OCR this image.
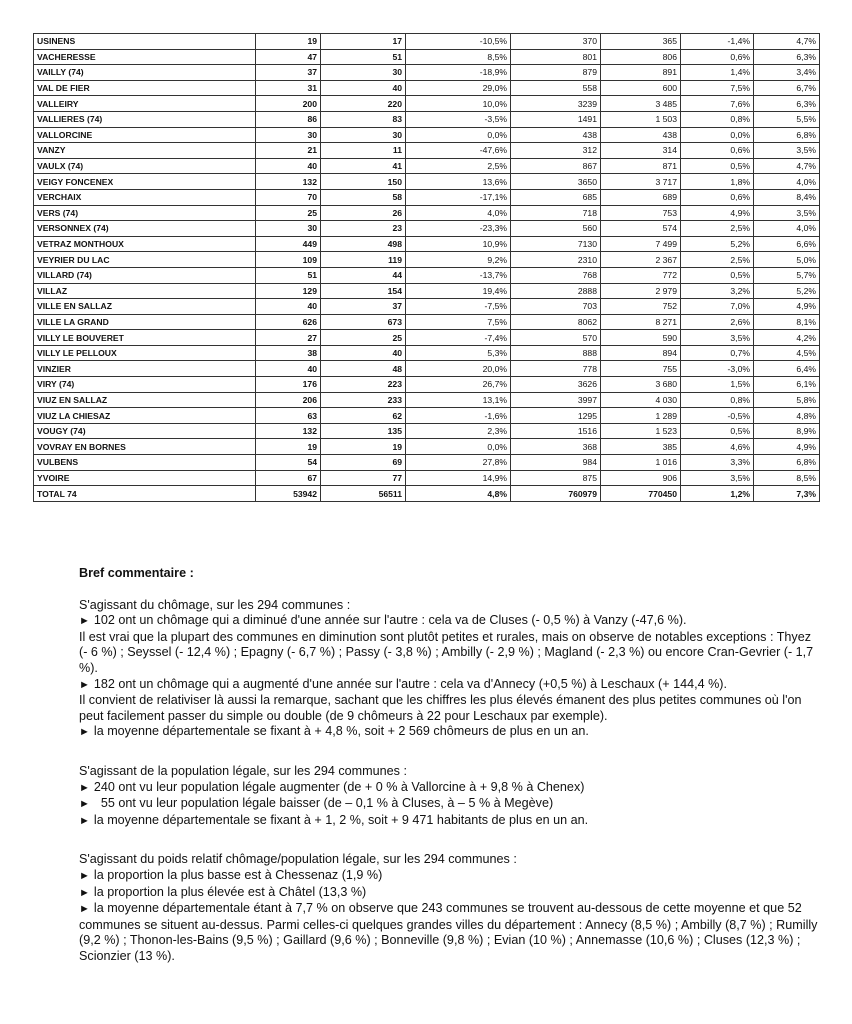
USINENS	19	17	-10,5%	370	365	-1,4%	4,7%
VACHERESSE	47	51	8,5%	801	806	0,6%	6,3%
VAILLY (74)	37	30	-18,9%	879	891	1,4%	3,4%
VAL DE FIER	31	40	29,0%	558	600	7,5%	6,7%
VALLEIRY	200	220	10,0%	3239	3 485	7,6%	6,3%
VALLIERES (74)	86	83	-3,5%	1491	1 503	0,8%	5,5%
VALLORCINE	30	30	0,0%	438	438	0,0%	6,8%
VANZY	21	11	-47,6%	312	314	0,6%	3,5%
VAULX (74)	40	41	2,5%	867	871	0,5%	4,7%
VEIGY FONCENEX	132	150	13,6%	3650	3 717	1,8%	4,0%
VERCHAIX	70	58	-17,1%	685	689	0,6%	8,4%
VERS (74)	25	26	4,0%	718	753	4,9%	3,5%
VERSONNEX (74)	30	23	-23,3%	560	574	2,5%	4,0%
VETRAZ MONTHOUX	449	498	10,9%	7130	7 499	5,2%	6,6%
VEYRIER DU LAC	109	119	9,2%	2310	2 367	2,5%	5,0%
VILLARD (74)	51	44	-13,7%	768	772	0,5%	5,7%
VILLAZ	129	154	19,4%	2888	2 979	3,2%	5,2%
VILLE EN SALLAZ	40	37	-7,5%	703	752	7,0%	4,9%
VILLE LA GRAND	626	673	7,5%	8062	8 271	2,6%	8,1%
VILLY LE BOUVERET	27	25	-7,4%	570	590	3,5%	4,2%
VILLY LE PELLOUX	38	40	5,3%	888	894	0,7%	4,5%
VINZIER	40	48	20,0%	778	755	-3,0%	6,4%
VIRY (74)	176	223	26,7%	3626	3 680	1,5%	6,1%
VIUZ EN SALLAZ	206	233	13,1%	3997	4 030	0,8%	5,8%
VIUZ LA CHIESAZ	63	62	-1,6%	1295	1 289	-0,5%	4,8%
VOUGY (74)	132	135	2,3%	1516	1 523	0,5%	8,9%
VOVRAY EN BORNES	19	19	0,0%	368	385	4,6%	4,9%
VULBENS	54	69	27,8%	984	1 016	3,3%	6,8%
YVOIRE	67	77	14,9%	875	906	3,5%	8,5%
TOTAL 74	53942	56511	4,8%	760979	770450	1,2%	7,3%
Bref commentaire :

S'agissant du chômage, sur les 294 communes :

► 102 ont un chômage qui a diminué d'une année sur l'autre : cela va de Cluses (- 0,5 %) à Vanzy (-47,6 %).

Il est vrai que la plupart des communes en diminution sont plutôt petites et rurales, mais on observe de notables exceptions : Thyez (- 6 %) ; Seyssel (- 12,4 %) ; Epagny (- 6,7 %) ; Passy (- 3,8 %) ; Ambilly (- 2,9 %) ; Magland (- 2,3 %) ou encore Cran-Gevrier (- 1,7 %).

► 182 ont un chômage qui a augmenté d'une année sur l'autre : cela va d'Annecy (+0,5 %) à Leschaux (+ 144,4 %).

Il convient de relativiser là aussi la remarque, sachant que les chiffres les plus élevés émanent des plus petites communes où l'on peut facilement passer du simple ou double (de 9 chômeurs à 22 pour Leschaux par exemple).

► la moyenne départementale se fixant à + 4,8 %, soit + 2 569 chômeurs de plus en un an.

S'agissant de la population légale, sur les 294 communes :

► 240 ont vu leur population légale augmenter (de + 0 % à Vallorcine à + 9,8 % à Chenex)

►  55 ont vu leur population légale baisser (de – 0,1 % à Cluses, à – 5 % à Megève)

► la moyenne départementale se fixant à + 1, 2 %, soit + 9 471 habitants de plus en un an.

S'agissant du poids relatif chômage/population légale, sur les 294 communes :

► la proportion la plus basse est à Chessenaz (1,9 %)

► la proportion la plus élevée est à Châtel (13,3 %)

► la moyenne départementale étant à 7,7 % on observe que 243 communes se trouvent au-dessous de cette moyenne et que 52 communes se situent au-dessus. Parmi celles-ci quelques grandes villes du département : Annecy (8,5 %) ; Ambilly (8,7 %) ; Rumilly (9,2 %) ; Thonon-les-Bains (9,5 %) ; Gaillard (9,6 %) ; Bonneville (9,8 %) ; Evian (10 %) ; Annemasse (10,6 %) ; Cluses (12,3 %) ; Scionzier (13 %).
